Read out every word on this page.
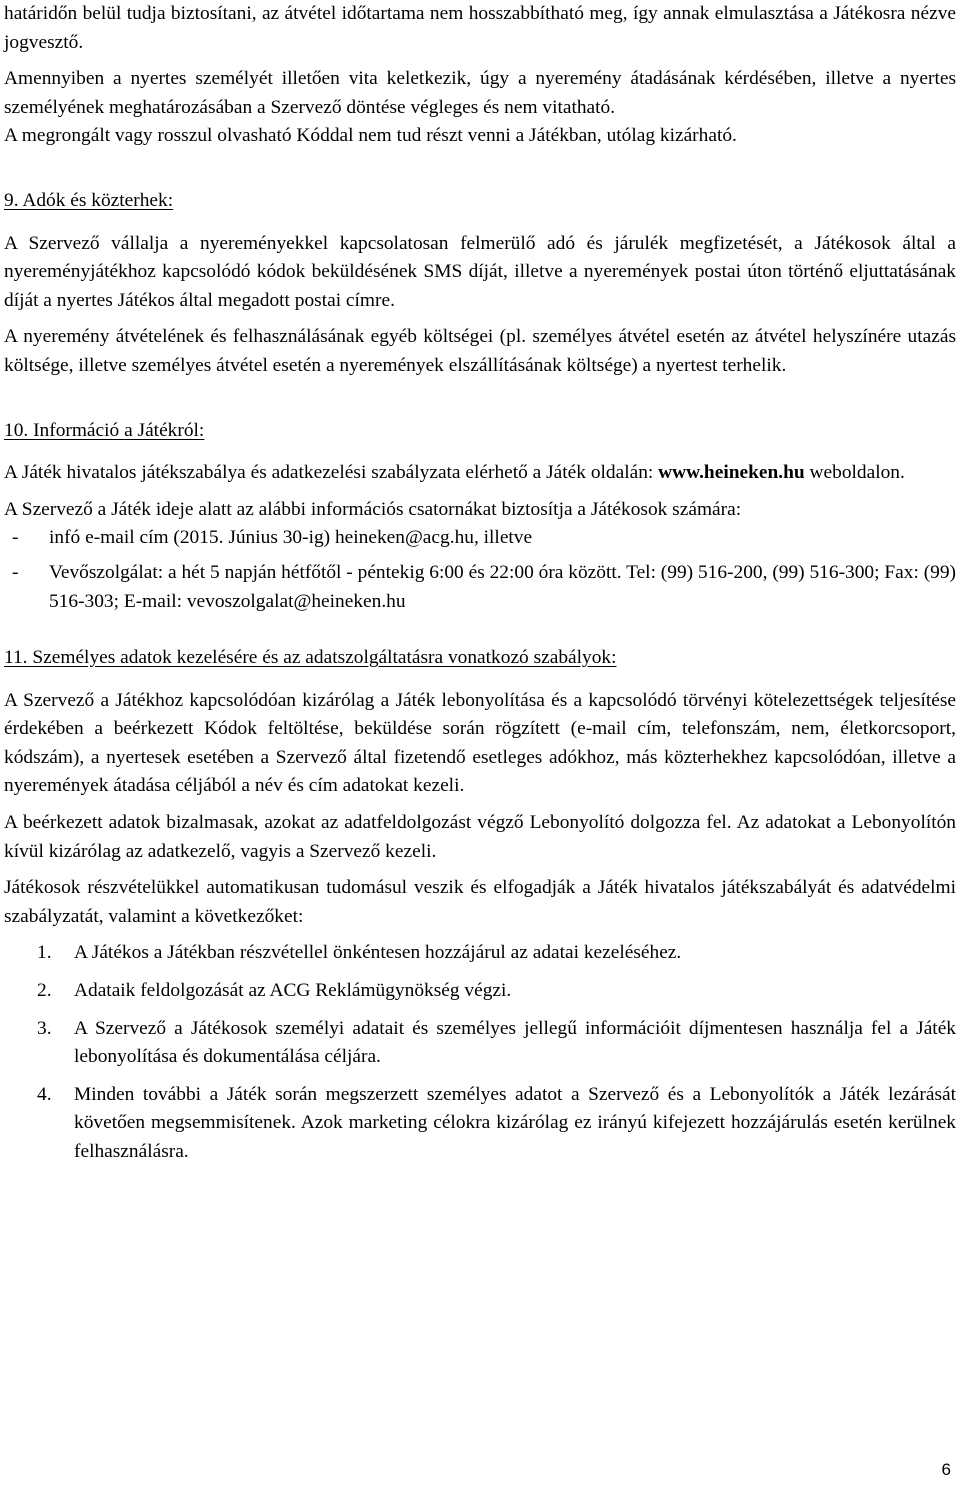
határidőn belül tudja biztosítani, az átvétel időtartama nem hosszabbítható meg, így annak elmulasztása a Játékosra nézve jogvesztő.

Amennyiben a nyertes személyét illetően vita keletkezik, úgy a nyeremény átadásának kérdésében, illetve a nyertes személyének meghatározásában a Szervező döntése végleges és nem vitatható.

A megrongált vagy rosszul olvasható Kóddal nem tud részt venni a Játékban, utólag kizárható.

9. Adók és közterhek:

A Szervező vállalja a nyereményekkel kapcsolatosan felmerülő adó és járulék megfizetését, a Játékosok által a nyereményjátékhoz kapcsolódó kódok beküldésének SMS díját, illetve a nyeremények postai úton történő eljuttatásának díját a nyertes Játékos által megadott postai címre.

A nyeremény átvételének és felhasználásának egyéb költségei (pl. személyes átvétel esetén az átvétel helyszínére utazás költsége, illetve személyes átvétel esetén a nyeremények elszállításának költsége) a nyertest terhelik.

10. Információ a Játékról:

A Játék hivatalos játékszabálya és adatkezelési szabályzata elérhető a Játék oldalán: www.heineken.hu weboldalon.

A Szervező a Játék ideje alatt az alábbi információs csatornákat biztosítja a Játékosok számára:

- infó e-mail cím (2015. Június 30-ig) heineken@acg.hu, illetve
- Vevőszolgálat: a hét 5 napján hétfőtől - péntekig 6:00 és 22:00 óra között. Tel: (99) 516-200, (99) 516-300; Fax: (99) 516-303; E-mail: vevoszolgalat@heineken.hu

11. Személyes adatok kezelésére és az adatszolgáltatásra vonatkozó szabályok:

A Szervező a Játékhoz kapcsolódóan kizárólag a Játék lebonyolítása és a kapcsolódó törvényi kötelezettségek teljesítése érdekében a beérkezett Kódok feltöltése, beküldése során rögzített (e-mail cím, telefonszám, nem, életkorcsoport, kódszám), a nyertesek esetében a Szervező által fizetendő esetleges adókhoz, más közterhekhez kapcsolódóan, illetve a nyeremények átadása céljából a név és cím adatokat kezeli.

A beérkezett adatok bizalmasak, azokat az adatfeldolgozást végző Lebonyolító dolgozza fel. Az adatokat a Lebonyolítón kívül kizárólag az adatkezelő, vagyis a Szervező kezeli.

Játékosok részvételükkel automatikusan tudomásul veszik és elfogadják a Játék hivatalos játékszabályát és adatvédelmi szabályzatát, valamint a következőket:

1. A Játékos a Játékban részvétellel önkéntesen hozzájárul az adatai kezeléséhez.
2. Adataik feldolgozását az ACG Reklámügynökség végzi.
3. A Szervező a Játékosok személyi adatait és személyes jellegű információit díjmentesen használja fel a Játék lebonyolítása és dokumentálása céljára.
4. Minden további a Játék során megszerzett személyes adatot a Szervező és a Lebonyolítók a Játék lezárását követően megsemmisítenek. Azok marketing célokra kizárólag ez irányú kifejezett hozzájárulás esetén kerülnek felhasználásra.
6
